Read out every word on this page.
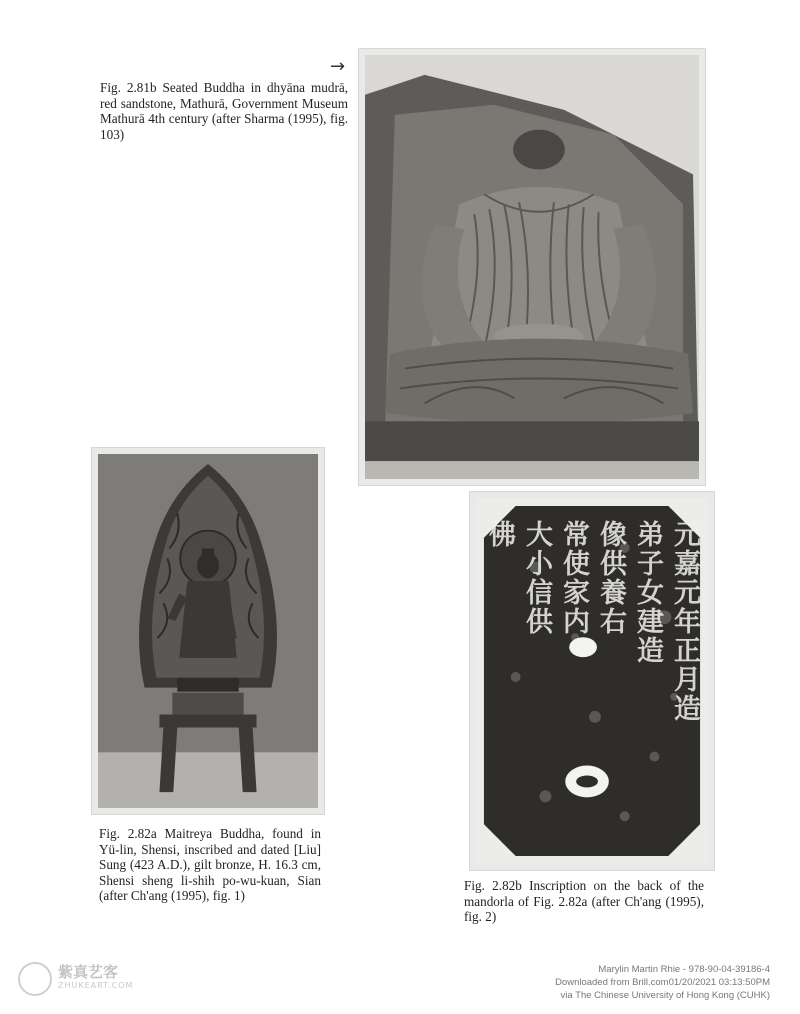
→
Fig. 2.81b Seated Buddha in dhyāna mudrā, red sandstone, Mathurā, Government Museum Mathurā 4th century (after Sharma (1995), fig. 103)
元嘉元年正月造
弟子女建造
像供養右
常使家内
大小信供
佛
Fig. 2.82a Maitreya Buddha, found in Yü-lin, Shensi, inscribed and dated [Liu] Sung (423 A.D.), gilt bronze, H. 16.3 cm, Shensi sheng li-shih po-wu-kuan, Sian (after Ch'ang (1995), fig. 1)
Fig. 2.82b Inscription on the back of the mandorla of Fig. 2.82a (after Ch'ang (1995), fig. 2)
紫真艺客
ZHUKEART.COM
Marylin Martin Rhie - 978-90-04-39186-4
Downloaded from Brill.com01/20/2021 03:13:50PM
via The Chinese University of Hong Kong (CUHK)
